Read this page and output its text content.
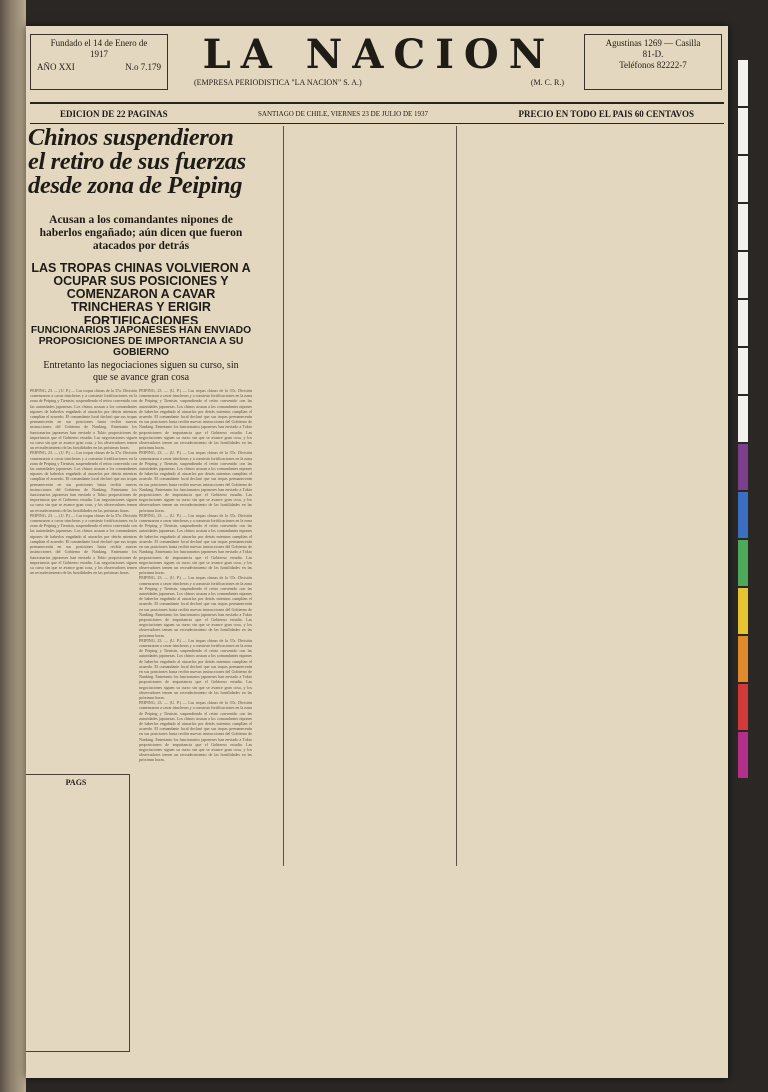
Fundado el 14 de Enero de
1917
AÑO XXI	N.o 7.179	LA NACION
(EMPRESA PERIODISTICA "LA NACION" S. A.)	(M. C. R.)
Agustinas 1269 — Casilla
81-D.
Teléfonos 82222-7
EDICION DE 22 PAGINAS	SANTIAGO DE CHILE, VIERNES 23 DE JULIO DE 1937	PRECIO EN TODO EL PAIS 60 CENTAVOS
Chinos suspendieron el retiro de sus fuerzas desde zona de Peiping
Acusan a los comandantes nipones de haberlos engañado; aún dicen que fueron atacados por detrás
LAS TROPAS CHINAS VOLVIERON A OCUPAR SUS POSICIONES Y COMENZARON A CAVAR TRINCHERAS Y ERIGIR FORTIFICACIONES
FUNCIONARIOS JAPONESES HAN ENVIADO PROPOSICIONES DE IMPORTANCIA A SU GOBIERNO
Entretanto las negociaciones siguen su curso, sin que se avance gran cosa
PEIPING, 23. — (U. P.) — Las tropas chinas de la 37a. División comenzaron a cavar trincheras y a construir fortificaciones en la zona de Peiping y Tientsin, suspendiendo el retiro convenido con las autoridades japonesas. Los chinos acusan a los comandantes nipones de haberlos engañado al atacarlos por detrás mientras cumplían el acuerdo. El comandante local declaró que sus tropas permanecerán en sus posiciones hasta recibir nuevas instrucciones del Gobierno de Nanking. Entretanto los funcionarios japoneses han enviado a Tokio proposiciones de importancia que el Gobierno estudia. Las negociaciones siguen su curso sin que se avance gran cosa, y los observadores temen un recrudecimiento de las hostilidades en las próximas horas.
PEIPING, 23. — (U. P.) — Las tropas chinas de la 37a. División comenzaron a cavar trincheras y a construir fortificaciones en la zona de Peiping y Tientsin, suspendiendo el retiro convenido con las autoridades japonesas. Los chinos acusan a los comandantes nipones de haberlos engañado al atacarlos por detrás mientras cumplían el acuerdo. El comandante local declaró que sus tropas permanecerán en sus posiciones hasta recibir nuevas instrucciones del Gobierno de Nanking. Entretanto los funcionarios japoneses han enviado a Tokio proposiciones de importancia que el Gobierno estudia. Las negociaciones siguen su curso sin que se avance gran cosa, y los observadores temen un recrudecimiento de las hostilidades en las próximas horas.
PEIPING, 23. — (U. P.) — Las tropas chinas de la 37a. División comenzaron a cavar trincheras y a construir fortificaciones en la zona de Peiping y Tientsin, suspendiendo el retiro convenido con las autoridades japonesas. Los chinos acusan a los comandantes nipones de haberlos engañado al atacarlos por detrás mientras cumplían el acuerdo. El comandante local declaró que sus tropas permanecerán en sus posiciones hasta recibir nuevas instrucciones del Gobierno de Nanking. Entretanto los funcionarios japoneses han enviado a Tokio proposiciones de importancia que el Gobierno estudia. Las negociaciones siguen su curso sin que se avance gran cosa, y los observadores temen un recrudecimiento de las hostilidades en las próximas horas.
PEIPING, 23. — (U. P.) — Las tropas chinas de la 37a. División comenzaron a cavar trincheras y a construir fortificaciones en la zona de Peiping y Tientsin, suspendiendo el retiro convenido con las autoridades japonesas. Los chinos acusan a los comandantes nipones de haberlos engañado al atacarlos por detrás mientras cumplían el acuerdo. El comandante local declaró que sus tropas permanecerán en sus posiciones hasta recibir nuevas instrucciones del Gobierno de Nanking. Entretanto los funcionarios japoneses han enviado a Tokio proposiciones de importancia que el Gobierno estudia. Las negociaciones siguen su curso sin que se avance gran cosa, y los observadores temen un recrudecimiento de las hostilidades en las próximas horas.
PEIPING, 23. — (U. P.) — Las tropas chinas de la 37a. División comenzaron a cavar trincheras y a construir fortificaciones en la zona de Peiping y Tientsin, suspendiendo el retiro convenido con las autoridades japonesas. Los chinos acusan a los comandantes nipones de haberlos engañado al atacarlos por detrás mientras cumplían el acuerdo. El comandante local declaró que sus tropas permanecerán en sus posiciones hasta recibir nuevas instrucciones del Gobierno de Nanking. Entretanto los funcionarios japoneses han enviado a Tokio proposiciones de importancia que el Gobierno estudia. Las negociaciones siguen su curso sin que se avance gran cosa, y los observadores temen un recrudecimiento de las hostilidades en las próximas horas.
PEIPING, 23. — (U. P.) — Las tropas chinas de la 37a. División comenzaron a cavar trincheras y a construir fortificaciones en la zona de Peiping y Tientsin, suspendiendo el retiro convenido con las autoridades japonesas. Los chinos acusan a los comandantes nipones de haberlos engañado al atacarlos por detrás mientras cumplían el acuerdo. El comandante local declaró que sus tropas permanecerán en sus posiciones hasta recibir nuevas instrucciones del Gobierno de Nanking. Entretanto los funcionarios japoneses han enviado a Tokio proposiciones de importancia que el Gobierno estudia. Las negociaciones siguen su curso sin que se avance gran cosa, y los observadores temen un recrudecimiento de las hostilidades en las próximas horas.
PEIPING, 23. — (U. P.) — Las tropas chinas de la 37a. División comenzaron a cavar trincheras y a construir fortificaciones en la zona de Peiping y Tientsin, suspendiendo el retiro convenido con las autoridades japonesas. Los chinos acusan a los comandantes nipones de haberlos engañado al atacarlos por detrás mientras cumplían el acuerdo. El comandante local declaró que sus tropas permanecerán en sus posiciones hasta recibir nuevas instrucciones del Gobierno de Nanking. Entretanto los funcionarios japoneses han enviado a Tokio proposiciones de importancia que el Gobierno estudia. Las negociaciones siguen su curso sin que se avance gran cosa, y los observadores temen un recrudecimiento de las hostilidades en las próximas horas.
PEIPING, 23. — (U. P.) — Las tropas chinas de la 37a. División comenzaron a cavar trincheras y a construir fortificaciones en la zona de Peiping y Tientsin, suspendiendo el retiro convenido con las autoridades japonesas. Los chinos acusan a los comandantes nipones de haberlos engañado al atacarlos por detrás mientras cumplían el acuerdo. El comandante local declaró que sus tropas permanecerán en sus posiciones hasta recibir nuevas instrucciones del Gobierno de Nanking. Entretanto los funcionarios japoneses han enviado a Tokio proposiciones de importancia que el Gobierno estudia. Las negociaciones siguen su curso sin que se avance gran cosa, y los observadores temen un recrudecimiento de las hostilidades en las próximas horas.
PEIPING, 23. — (U. P.) — Las tropas chinas de la 37a. División comenzaron a cavar trincheras y a construir fortificaciones en la zona de Peiping y Tientsin, suspendiendo el retiro convenido con las autoridades japonesas. Los chinos acusan a los comandantes nipones de haberlos engañado al atacarlos por detrás mientras cumplían el acuerdo. El comandante local declaró que sus tropas permanecerán en sus posiciones hasta recibir nuevas instrucciones del Gobierno de Nanking. Entretanto los funcionarios japoneses han enviado a Tokio proposiciones de importancia que el Gobierno estudia. Las negociaciones siguen su curso sin que se avance gran cosa, y los observadores temen un recrudecimiento de las hostilidades en las próximas horas.
PAGS
